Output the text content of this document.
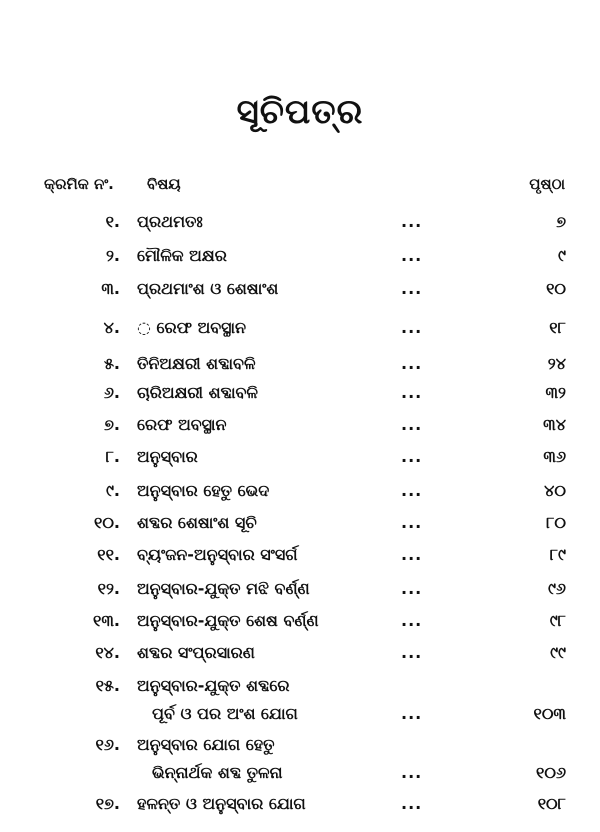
ସୂଚିପତ୍ର
କ୍ରମିକ ନଂ. ବିଷୟ	ପୃଷ୍ଠା
୧. ପ୍ରଥମତଃ	...	୭
୨. ମୌଳିକ ଅକ୍ଷର	...	୯
୩. ପ୍ରଥମାଂଶ ଓ ଶେଷାଂଶ	...	୧୦
୪. ◌ ରେଫ ଅବସ୍ଥାନ	...	୧୮
୫. ତିନିଅକ୍ଷରୀ ଶବ୍ଦାବଳି	...	୨୪
୬. ଚାରିଅକ୍ଷରୀ ଶବ୍ଦାବଳି	...	୩୨
୭. ରେଫ ଅବସ୍ଥାନ	...	୩୪
୮. ଅନୁସ୍ବାର	...	୩୬
୯. ଅନୁସ୍ବାର ହେତୁ ଭେଦ	...	୪୦
୧୦. ଶବ୍ଦର ଶେଷାଂଶ ସୂଚି	...	୮୦
୧୧. ବ୍ୟଂଜନ-ଅନୁସ୍ବାର ସଂସର୍ଗ	...	୮୯
୧୨. ଅନୁସ୍ବାର-ଯୁକ୍ତ ମଝି ବର୍ଣ୍ଣ	...	୯୬
୧୩. ଅନୁସ୍ବାର-ଯୁକ୍ତ ଶେଷ ବର୍ଣ୍ଣ	...	୯୮
୧୪. ଶବ୍ଦର ସଂପ୍ରସାରଣ	...	୯୯
୧୫. ଅନୁସ୍ବାର-ଯୁକ୍ତ ଶବ୍ଦରେ
ପୂର୍ବ ଓ ପର ଅଂଶ ଯୋଗ	...	୧୦୩
୧୬. ଅନୁସ୍ବାର ଯୋଗ ହେତୁ
ଭିନ୍ନାର୍ଥକ ଶବ୍ଦ ତୁଳନା	...	୧୦୬
୧୭. ହଳନ୍ତ ଓ ଅନୁସ୍ବାର ଯୋଗ	...	୧୦୮
